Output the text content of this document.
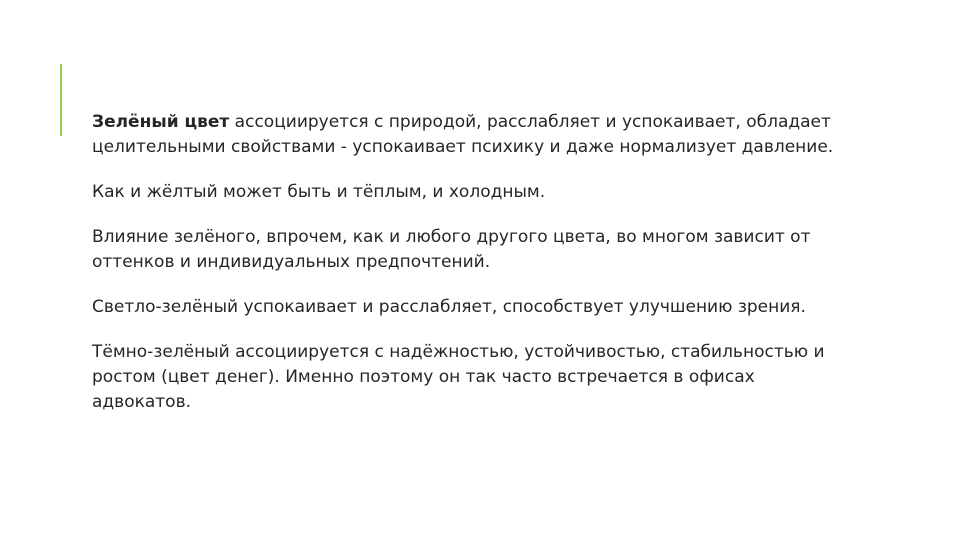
Зелёный цвет ассоциируется с природой, расслабляет и успокаивает, обладает целительными свойствами - успокаивает психику и даже нормализует давление.

Как и жёлтый может быть и тёплым, и холодным.

Влияние зелёного, впрочем, как и любого другого цвета, во многом зависит от оттенков и индивидуальных предпочтений.

Светло-зелёный успокаивает и расслабляет, способствует улучшению зрения.

Тёмно-зелёный ассоциируется с надёжностью, устойчивостью, стабильностью и ростом (цвет денег). Именно поэтому он так часто встречается в офисах адвокатов.
